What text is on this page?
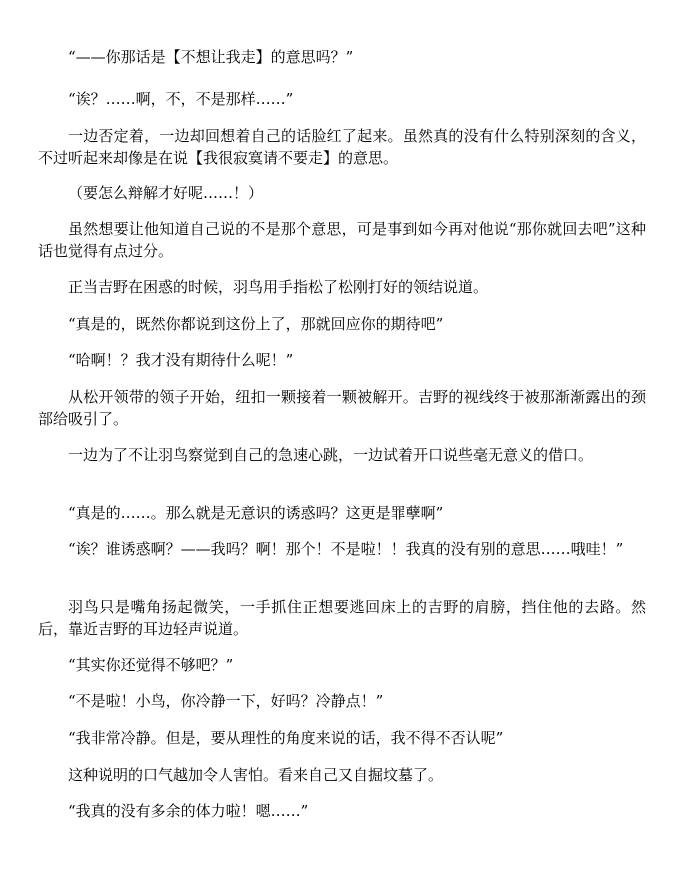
“——你那话是【不想让我走】的意思吗？”

“诶？……啊，不，不是那样……”

一边否定着，一边却回想着自己的话脸红了起来。虽然真的没有什么特别深刻的含义，不过听起来却像是在说【我很寂寞请不要走】的意思。

（要怎么辩解才好呢……！）

虽然想要让他知道自己说的不是那个意思，可是事到如今再对他说“那你就回去吧”这种话也觉得有点过分。

正当吉野在困惑的时候，羽鸟用手指松了松刚打好的领结说道。

“真是的，既然你都说到这份上了，那就回应你的期待吧”

“哈啊！？我才没有期待什么呢！”

从松开领带的领子开始，纽扣一颗接着一颗被解开。吉野的视线终于被那渐渐露出的颈部给吸引了。

一边为了不让羽鸟察觉到自己的急速心跳，一边试着开口说些毫无意义的借口。

“真是的……。那么就是无意识的诱惑吗？这更是罪孽啊”

“诶？谁诱惑啊？——我吗？啊！那个！不是啦！！我真的没有别的意思……哦哇！”

羽鸟只是嘴角扬起微笑，一手抓住正想要逃回床上的吉野的肩膀，挡住他的去路。然后，靠近吉野的耳边轻声说道。

“其实你还觉得不够吧？”

“不是啦！小鸟，你冷静一下，好吗？冷静点！”

“我非常冷静。但是，要从理性的角度来说的话，我不得不否认呢”

这种说明的口气越加令人害怕。看来自己又自掘坟墓了。

“我真的没有多余的体力啦！嗯……”
